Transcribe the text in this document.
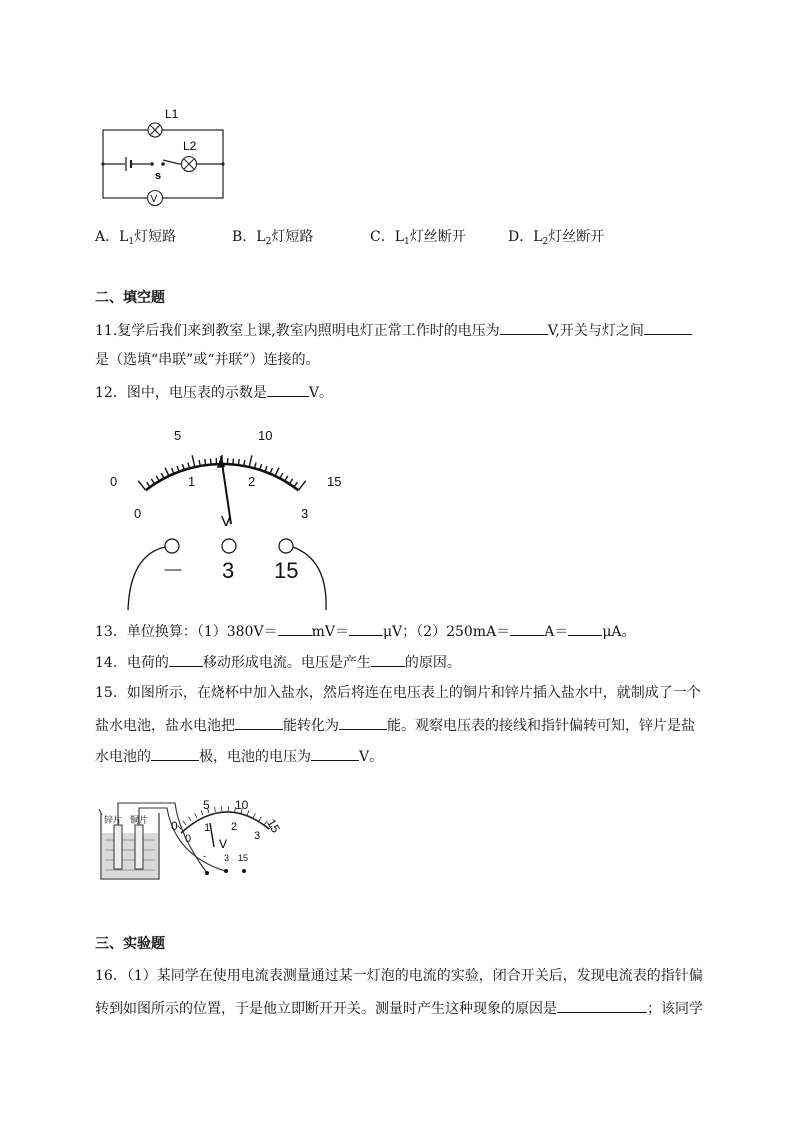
s
L1
L2
V
A．$L_1$灯短路	B．$L_2$灯短路	C．$L_1$灯丝断开	D．$L_2$灯丝断开
二、填空题
11.复学后我们来到教室上课,教室内照明电灯正常工作时的电压为	V,开关与灯之间
是（选填“串联”或“并联”）连接的。
12．图中，电压表的示数是	V。
0
5	10
15
0
1	2
3
V
－ 3 15
13．单位换算：（1）380V＝ mV＝ μV；（2）250mA＝ A＝ μA。
14．电荷的 移动形成电流。电压是产生 的原因。
15．如图所示，在烧杯中加入盐水，然后将连在电压表上的铜片和锌片插入盐水中，就制成了一个
盐水电池，盐水电池把	能转化为	能。观察电压表的接线和指针偏转可知，锌片是盐
水电池的	极，电池的电压为	V。
锌片 铜片 0
5 10
15
0
1 2
3
V
- 3 15
三、实验题
16．（1）某同学在使用电流表测量通过某一灯泡的电流的实验，闭合开关后，发现电流表的指针偏
转到如图所示的位置，于是他立即断开开关。测量时产生这种现象的原因是	；该同学
